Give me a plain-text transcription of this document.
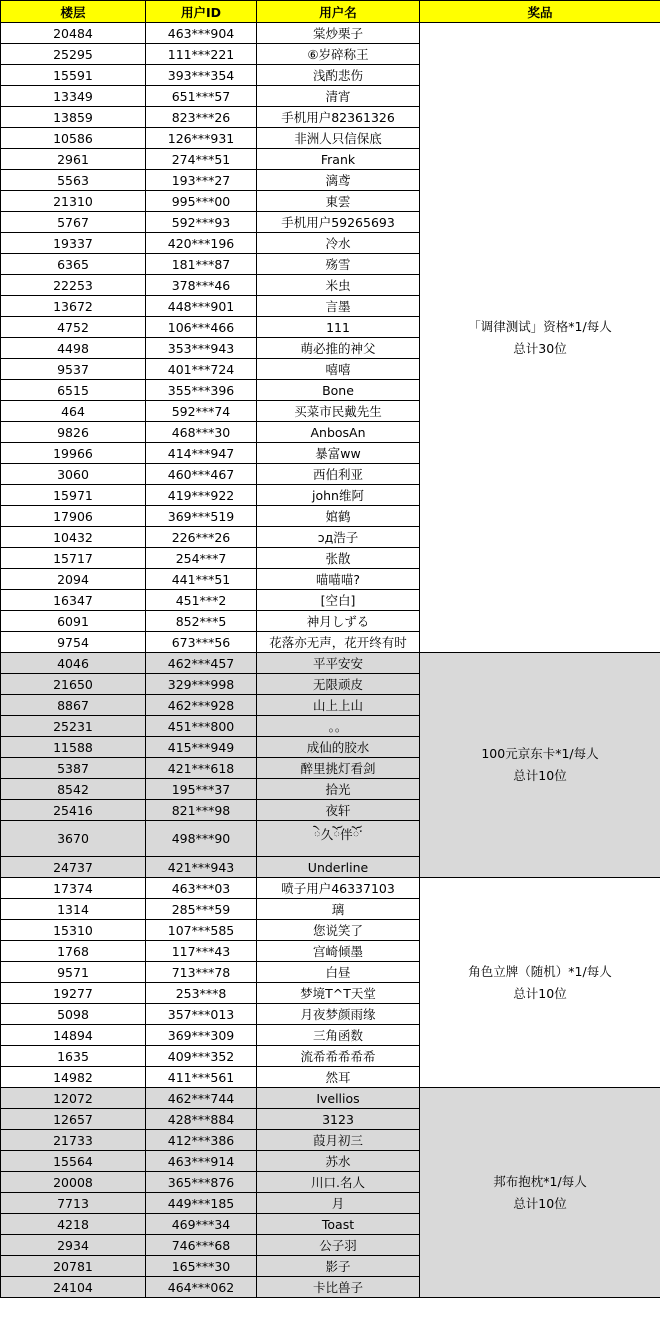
楼层	用户ID	用户名	奖品
20484	463***904	棠炒栗子	「调律测试」资格*1/每人
总计30位

25295	111***221	⑥岁碎称王	
15591	393***354	浅酌悲伤	
13349	651***57	清宵	
13859	823***26	手机用户82361326	
10586	126***931	非洲人只信保底	
2961	274***51	Frank	
5563	193***27	漓鸢	
21310	995***00	東雲	
5767	592***93	手机用户59265693	
19337	420***196	冷水	
6365	181***87	殇雪	
22253	378***46	米虫	
13672	448***901	言墨	
4752	106***466	111	
4498	353***943	萌必推的神父	
9537	401***724	嘻嘻	
6515	355***396	Bone	
464	592***74	买菜市民戴先生	
9826	468***30	AnbosAn	
19966	414***947	暴富ww	
3060	460***467	西伯利亚	
15971	419***922	john维阿	
17906	369***519	婠鹤	
10432	226***26	ɔд浩子	
15717	254***7	张散	
2094	441***51	喵喵喵?	
16347	451***2	[空白]	
6091	852***5	神月しずる	
9754	673***56	花落亦无声，花开终有时	
4046	462***457	平平安安	100元京东卡*1/每人
总计10位

21650	329***998	无限顽皮	
8867	462***928	山上上山	
25231	451***800	。。	
11588	415***949	成仙的胶水	
5387	421***618	醉里挑灯看剑	
8542	195***37	拾光	
25416	821***98	夜轩	
3670	498***90	ེ久ོ伴ོ་	
24737	421***943	Underline	
17374	463***03	喷子用户46337103	角色立牌（随机）*1/每人
总计10位

1314	285***59	璃	
15310	107***585	您说笑了	
1768	117***43	宫崎倾墨	
9571	713***78	白昼	
19277	253***8	梦境T^T天堂	
5098	357***013	月夜梦颜雨缘	
14894	369***309	三角函数	
1635	409***352	流希希希希希	
14982	411***561	然耳	
12072	462***744	Ivellios	邦布抱枕*1/每人
总计10位

12657	428***884	3123	
21733	412***386	葭月初三	
15564	463***914	苏水	
20008	365***876	川口.名人	
7713	449***185	月	
4218	469***34	Toast	
2934	746***68	公子羽	
20781	165***30	影子	
24104	464***062	卡比兽子	
